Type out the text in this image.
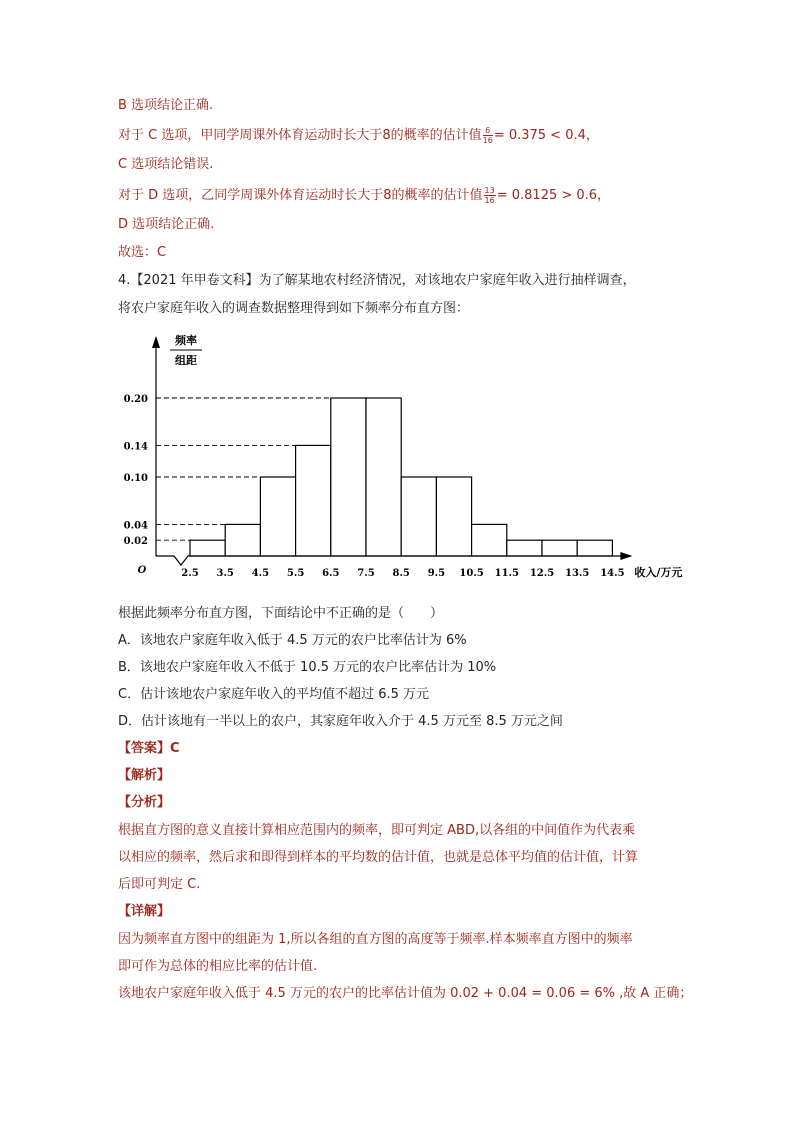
B 选项结论正确.
对于 C 选项，甲同学周课外体育运动时长大于8的概率的估计值 $\frac{6}{16} = 0.375 < 0.4$，
C 选项结论错误.
对于 D 选项，乙同学周课外体育运动时长大于8的概率的估计值 $\frac{13}{16} = 0.8125 > 0.6$，
D 选项结论正确.
故选：C
4.【2021 年甲卷文科】为了解某地农村经济情况，对该地农户家庭年收入进行抽样调查，
将农户家庭年收入的调查数据整理得到如下频率分布直方图：
0.02
0.04
0.10
0.14
0.20
2.5 3.5 4.5 5.5 6.5 7.5 8.5 9.5 10.5 11.5 12.5 13.5 14.5
O
频率
组距
收入/万元
根据此频率分布直方图，下面结论中不正确的是（　　）
A．该地农户家庭年收入低于 4.5 万元的农户比率估计为 6%
B．该地农户家庭年收入不低于 10.5 万元的农户比率估计为 10%
C．估计该地农户家庭年收入的平均值不超过 6.5 万元
D．估计该地有一半以上的农户，其家庭年收入介于 4.5 万元至 8.5 万元之间
【答案】C
【解析】
【分析】
根据直方图的意义直接计算相应范围内的频率，即可判定 ABD,以各组的中间值作为代表乘
以相应的频率，然后求和即得到样本的平均数的估计值，也就是总体平均值的估计值，计算
后即可判定 C.
【详解】
因为频率直方图中的组距为 1,所以各组的直方图的高度等于频率.样本频率直方图中的频率
即可作为总体的相应比率的估计值.
该地农户家庭年收入低于 4.5 万元的农户的比率估计值为 0.02 + 0.04 = 0.06 = 6% ,故 A 正确；
